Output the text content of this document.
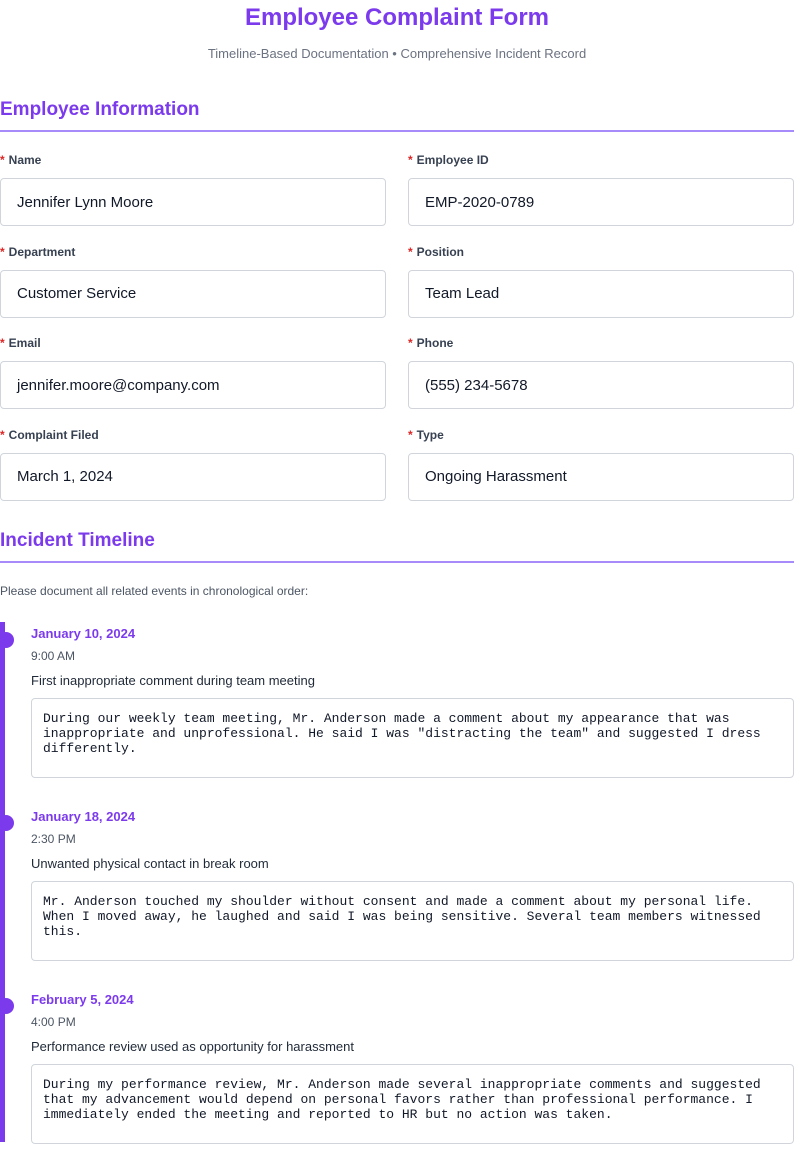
Employee Complaint Form
Timeline-Based Documentation • Comprehensive Incident Record
Employee Information
* Name
Jennifer Lynn Moore
* Employee ID
EMP-2020-0789
* Department
Customer Service
* Position
Team Lead
* Email
jennifer.moore@company.com
* Phone
(555) 234-5678
* Complaint Filed
March 1, 2024
* Type
Ongoing Harassment
Incident Timeline
Please document all related events in chronological order:
January 10, 2024
9:00 AM
First inappropriate comment during team meeting
During our weekly team meeting, Mr. Anderson made a comment about my appearance that was inappropriate and unprofessional. He said I was "distracting the team" and suggested I dress differently.
January 18, 2024
2:30 PM
Unwanted physical contact in break room
Mr. Anderson touched my shoulder without consent and made a comment about my personal life. When I moved away, he laughed and said I was being sensitive. Several team members witnessed this.
February 5, 2024
4:00 PM
Performance review used as opportunity for harassment
During my performance review, Mr. Anderson made several inappropriate comments and suggested that my advancement would depend on personal favors rather than professional performance. I immediately ended the meeting and reported to HR but no action was taken.
